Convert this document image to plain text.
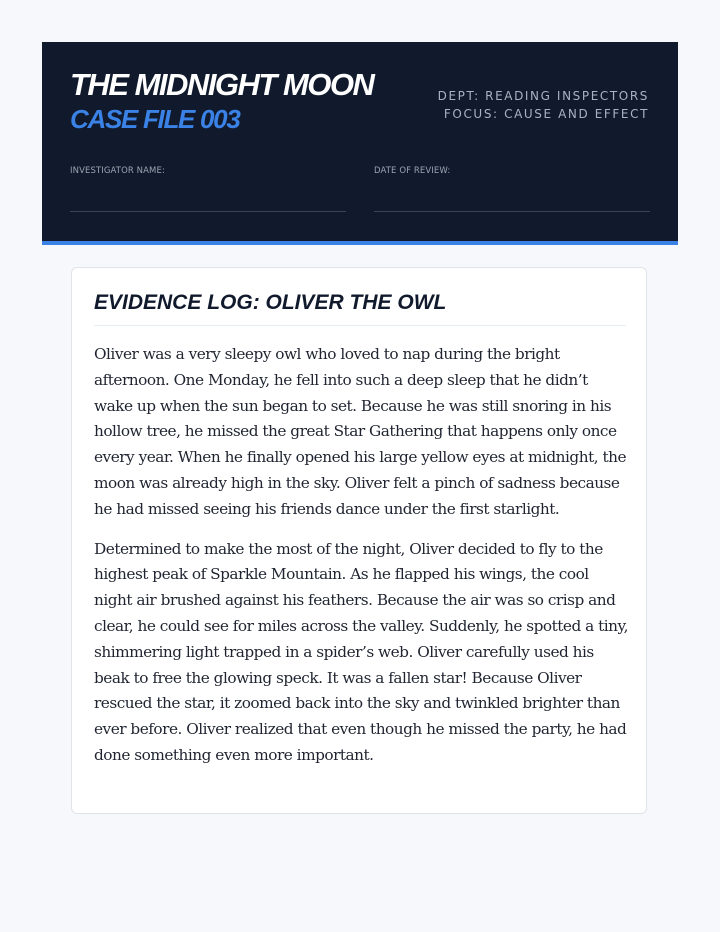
THE MIDNIGHT MOON
CASE FILE 003
DEPT: READING INSPECTORS
FOCUS: CAUSE AND EFFECT
INVESTIGATOR NAME:	DATE OF REVIEW:
EVIDENCE LOG: OLIVER THE OWL

Oliver was a very sleepy owl who loved to nap during the bright afternoon. One Monday, he fell into such a deep sleep that he didn’t wake up when the sun began to set. Because he was still snoring in his hollow tree, he missed the great Star Gathering that happens only once every year. When he finally opened his large yellow eyes at midnight, the moon was already high in the sky. Oliver felt a pinch of sadness because he had missed seeing his friends dance under the first starlight.

Determined to make the most of the night, Oliver decided to fly to the highest peak of Sparkle Mountain. As he flapped his wings, the cool night air brushed against his feathers. Because the air was so crisp and clear, he could see for miles across the valley. Suddenly, he spotted a tiny, shimmering light trapped in a spider’s web. Oliver carefully used his beak to free the glowing speck. It was a fallen star! Because Oliver rescued the star, it zoomed back into the sky and twinkled brighter than ever before. Oliver realized that even though he missed the party, he had done something even more important.
